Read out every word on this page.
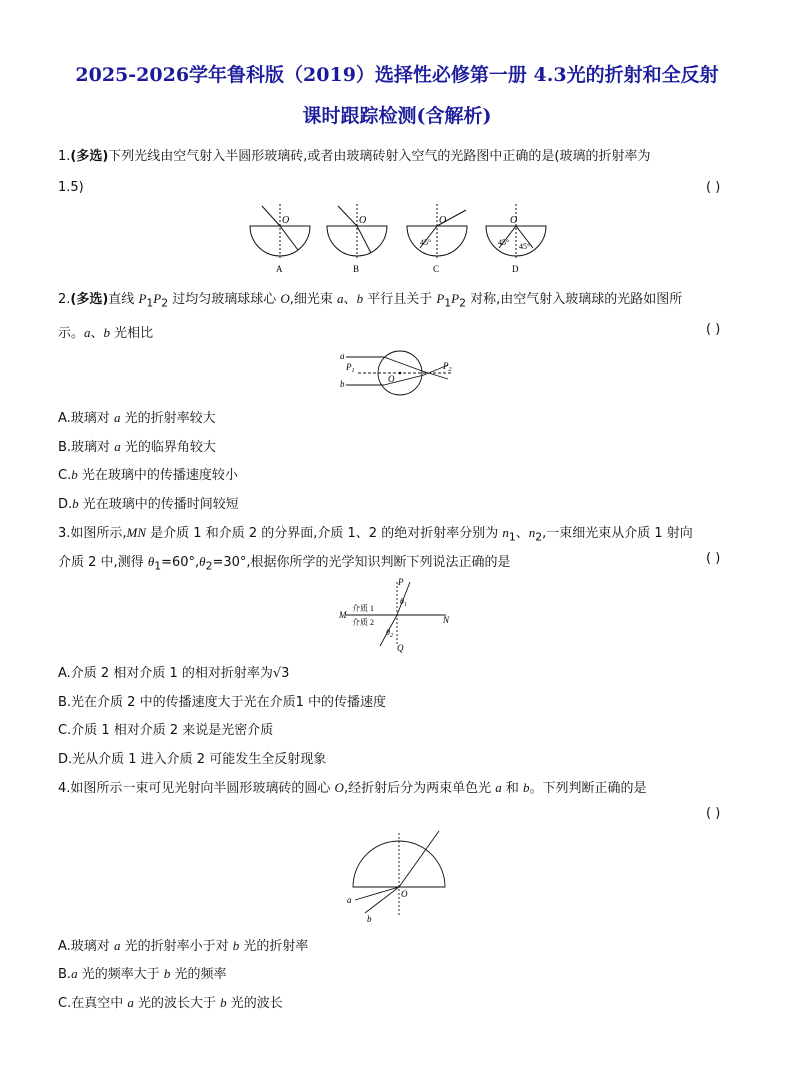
2025-2026学年鲁科版（2019）选择性必修第一册 4.3光的折射和全反射
课时跟踪检测(含解析)
1.(多选)下列光线由空气射入半圆形玻璃砖,或者由玻璃砖射入空气的光路图中正确的是(玻璃的折射率为
1.5)	( )
O
A
O
B
O
45°
C
O
45° 45°
D
2.(多选)直线 $P_1P_2$ 过均匀玻璃球球心 O,细光束 a、b 平行且关于 $P_1P_2$ 对称,由空气射入玻璃球的光路如图所
示。a、b 光相比	( )
a
b
$P_1$	$P_2$
O
A.玻璃对 a 光的折射率较大
B.玻璃对 a 光的临界角较大
C.b 光在玻璃中的传播速度较小
D.b 光在玻璃中的传播时间较短
3.如图所示,MN 是介质 1 和介质 2 的分界面,介质 1、2 的绝对折射率分别为 $n_1$、$n_2$,一束细光束从介质 1 射向
介质 2 中,测得 $\theta_1=60^\circ,\theta_2=30^\circ$,根据你所学的光学知识判断下列说法正确的是	( )
P
Q
M	N
介质 1
介质 2
$\theta_1$
$\theta_2$
A.介质 2 相对介质 1 的相对折射率为√3
B.光在介质 2 中的传播速度大于光在介质1 中的传播速度
C.介质 1 相对介质 2 来说是光密介质
D.光从介质 1 进入介质 2 可能发生全反射现象
4.如图所示一束可见光射向半圆形玻璃砖的圆心 O,经折射后分为两束单色光 a 和 b。下列判断正确的是
( )
O
a
b
A.玻璃对 a 光的折射率小于对 b 光的折射率
B.a 光的频率大于 b 光的频率
C.在真空中 a 光的波长大于 b 光的波长
